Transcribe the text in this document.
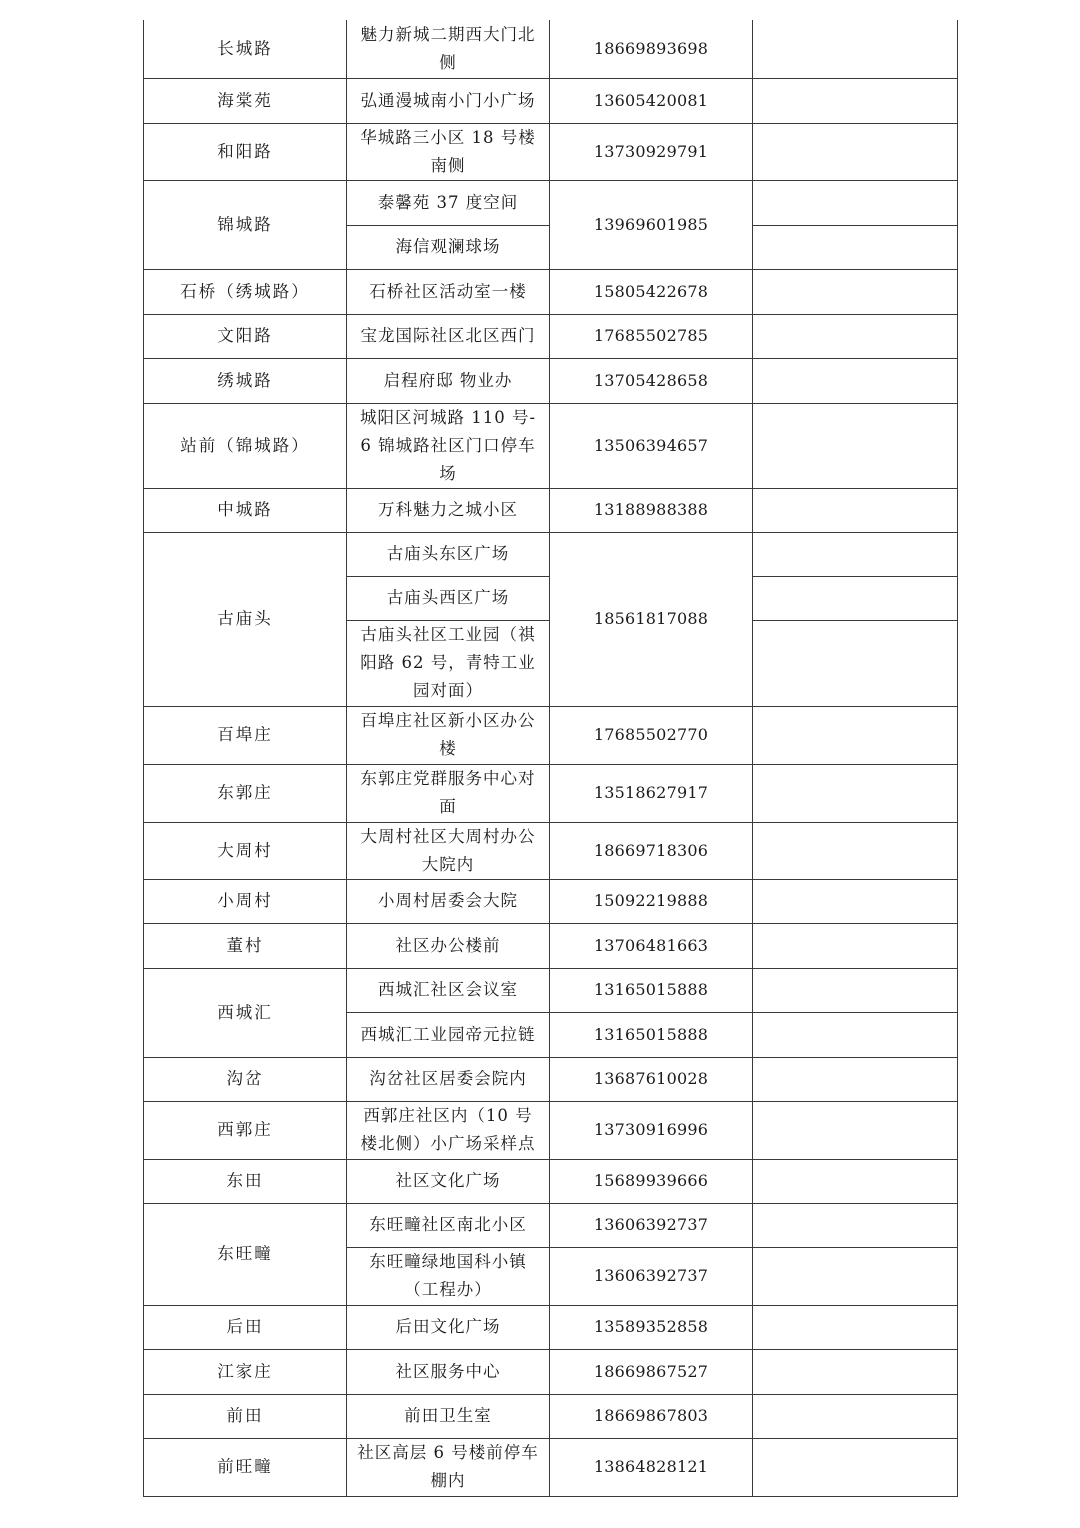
长城路	魅力新城二期西大门北侧	18669893698	
海棠苑	弘通漫城南小门小广场	13605420081	
和阳路	华城路三小区 18 号楼南侧	13730929791	
锦城路	泰馨苑 37 度空间	13969601985	
	海信观澜球场		
石桥（绣城路）	石桥社区活动室一楼	15805422678	
文阳路	宝龙国际社区北区西门	17685502785	
绣城路	启程府邸 物业办	13705428658	
站前（锦城路）	城阳区河城路 110 号-6 锦城路社区门口停车场	13506394657	
中城路	万科魅力之城小区	13188988388	
古庙头	古庙头东区广场	18561817088	
	古庙头西区广场		
	古庙头社区工业园（祺阳路 62 号，青特工业园对面）		
百埠庄	百埠庄社区新小区办公楼	17685502770	
东郭庄	东郭庄党群服务中心对面	13518627917	
大周村	大周村社区大周村办公大院内	18669718306	
小周村	小周村居委会大院	15092219888	
董村	社区办公楼前	13706481663	
西城汇	西城汇社区会议室	13165015888	
	西城汇工业园帝元拉链	13165015888	
沟岔	沟岔社区居委会院内	13687610028	
西郭庄	西郭庄社区内（10 号楼北侧）小广场采样点	13730916996	
东田	社区文化广场	15689939666	
东旺疃	东旺疃社区南北小区	13606392737	
	东旺疃绿地国科小镇（工程办）	13606392737	
后田	后田文化广场	13589352858	
江家庄	社区服务中心	18669867527	
前田	前田卫生室	18669867803	
前旺疃	社区高层 6 号楼前停车棚内	13864828121	
